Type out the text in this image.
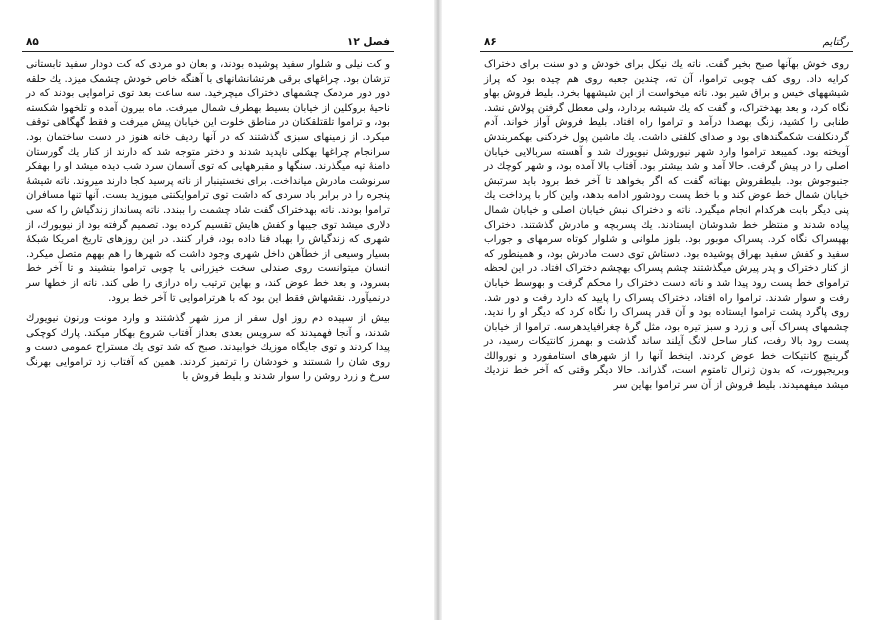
فصل ۱۲
۸۵

و کت نیلی و شلوار سفید پوشیده بودند، و بعان دو مردی که کت دودار سفید تابستانی تزشان بود. چراغهای برقی هرتشانشانهای با آهنگه خاص خودش چشمک میزد. یك حلقه دور دور مردمک چشمهای دختراک میچرخید. سه ساعت بعد توی تراموایی بودند که در ناحیهٔ بروکلین از خیابان بسیط بهطرف شمال میرفت. ماه بیرون آمده و تلخهوا شکسته بود، و تراموا تلقتلقکنان در مناطق خلوت این خیابان پیش میرفت و فقط گهگاهی توقف میکرد. از زمینهای سبزی گذشتند که در آنها ردیف خانه هنوز در دست ساختمان بود. سرانجام چراغها بهکلی ناپدید شدند و دختر متوجه شد که دارند از کنار یك گورستان دامنهٔ تپه میگذرند. سنگها و مقبرههایی که توی آسمان سرد شب دیده میشد او را بهفکر سرنوشت مادرش میانداخت. برای نخستینبار از ناته پرسید کجا دارند میروند. ناته شیشهٔ پنجره را در برابر باد سردی که داشت توی تراموایکنتی میوزید بست. آنها تنها مسافران تراموا بودند. ناته بهدختراک گفت شاد چشمت را ببندد. ناته پسانداز زندگیاش را که سی دلاری میشد توی جیبها و کفش هایش تقسیم کرده بود. تصمیم گرفته بود از نیویورك، از شهری که زندگیاش را بهباد فنا داده بود، فرار کنند. در این روزهای تاریخ امریکا شبکهٔ بسیار وسیعی از خطآهن داخل شهری وجود داشت که شهرها را هم بههم متصل میکرد. انسان میتوانست روی صندلی سخت خیزرانی یا چوبی تراموا بنشیند و تا آخر خط بسرود، و بعد خط عوض کند، و بهاین ترتیب راه درازی را طی کند. ناته از خطها سر درنمیآورد. نقشهاش فقط این بود که با هرتراموایی تا آخر خط برود.

بیش از سپیده دم روز اول سفر از مرز شهر گذشتند و وارد مونت ورنون نیویورك شدند، و آنجا فهمیدند که سرویس بعدی بعداز آفتاب شروع بهکار میکند. پارك کوچکی پیدا کردند و توی جایگاه موزیك خوابیدند. صبح که شد توی یك مستراح عمومی دست و روی شان را شستند و خودشان را ترتمیز کردند. همین که آفتاب زد تراموایی بهرنگ سرخ و زرد روشن را سوار شدند و بلیط فروش با

رگتایم
۸۶

روی خوش بهآنها صبح بخیر گفت. ناته یك نیكل برای خودش و دو سنت برای دختراک کرایه داد. روی کف چوبی تراموا، آن ته، چندین جعبه روی هم چیده بود که پراز شیشههای خیس و براق شیر بود. ناته میخواست از این شیشهها بخرد. بلیط فروش بهاو نگاه کرد، و بعد بهدختراک، و گفت که یك شیشه بردارد، ولی معطل گرفتن پولاش نشد. طنابی را کشید، زنگ بهصدا درآمد و تراموا راه افتاد. بلیط فروش آواز خواند. آدم گردنکلفت شکمگندهای بود و صدای کلفتی داشت. یك ماشین پول خردکنی بهکمربندش آویخته بود. کمیبعد تراموا وارد شهر نیوروشل نیویورك شد و آهسته سربالایی خیابان اصلی را در پیش گرفت. حالا آمد و شد بیشتر بود. آفتاب بالا آمده بود، و شهر کوچك در جنبوجوش بود. بلیطفروش بهناته گفت که اگر بخواهد تا آخر خط برود باید سرتبش خیابان شمال خط عوض کند و با خط پست رودشور ادامه بدهد، واین کار با پرداخت یك پنی دیگر بابت هرکدام انجام میگیرد. ناته و دختراک نبش خیابان اصلی و خیابان شمال پیاده شدند و منتظر خط شدوشان ایستادند. یك پسربچه و مادرش گذشتند. دختراک بهپسراک نگاه کرد. پسراک موبور بود. بلوز ملوانی و شلوار کوتاه سرمهای و جوراب سفید و کفش سفید بهراق پوشیده بود. دستاش توی دست مادرش بود، و همینطور که از کنار دختراک و پدر پیرش میگذشتند چشم پسراک بهچشم دختراک افتاد. در این لحظه تراموای خط پست رود پیدا شد و ناته دست دختراک را محکم گرفت و بهوسط خیابان رفت و سوار شدند. تراموا راه افتاد، دختراک پسراک را پایید که دارد رفت و دور شد. روی پاگرد پشت تراموا ایستاده بود و آن قدر پسراک را نگاه کرد که دیگر او را ندید. چشمهای پسراک آبی و زرد و سبز تیره بود، مثل گرهٔ چغرافیایدهرسه. تراموا از خیابان پست رود بالا رفت، کنار ساحل لانگ آیلند ساند گذشت و بهمرز کانتیکات رسید، در گرینیچ کانتیکات خط عوض کردند. اینخط آنها را از شهرهای استامفورد و نوروالك وبریجپورت، که بدون ژنرال تامتوم است، گذراند. حالا دیگر وقتی که آخر خط نزدیك میشد میفهمیدند. بلیط فروش از آن سر تراموا بهاین سر
